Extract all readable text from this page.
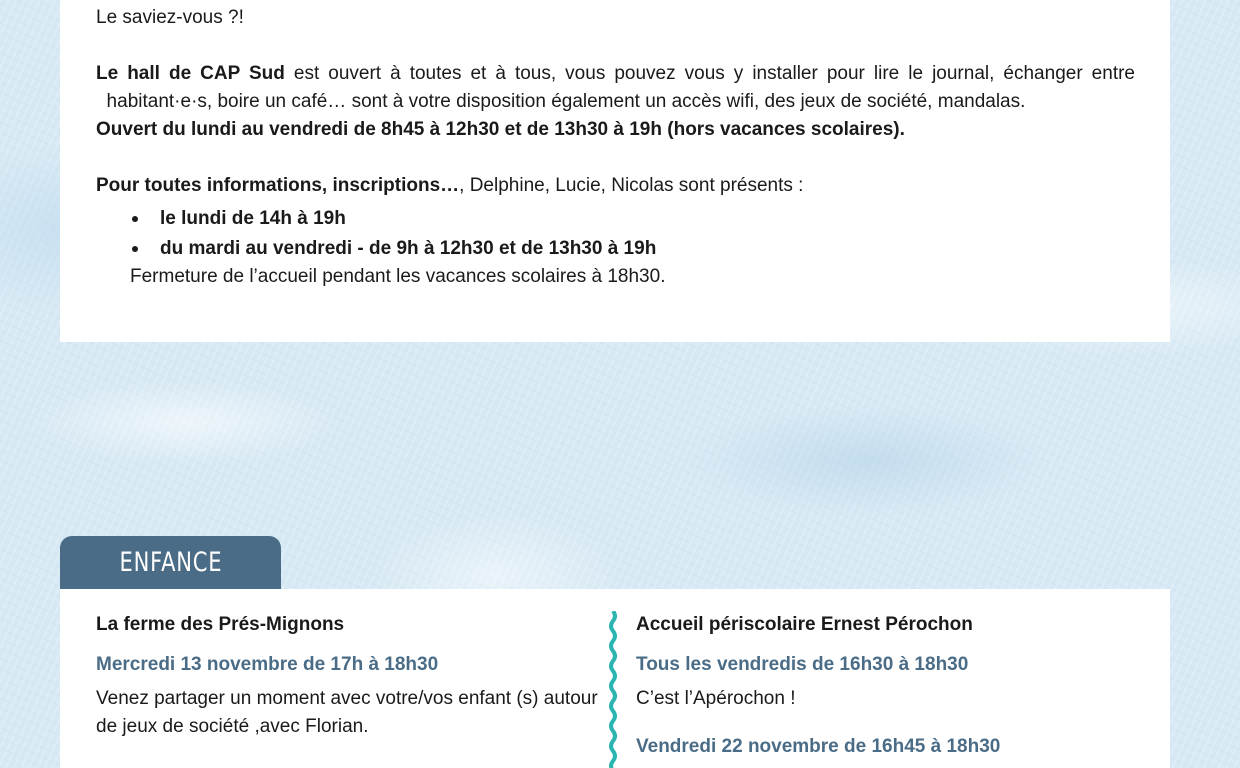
Le saviez-vous ?!

Le hall de CAP Sud est ouvert à toutes et à tous, vous pouvez vous y installer pour lire le journal, échanger entre   habitant·e·s, boire un café… sont à votre disposition également un accès wifi, des jeux de société, mandalas.

Ouvert du lundi au vendredi de 8h45 à 12h30 et de 13h30 à 19h (hors vacances scolaires).

Pour toutes informations, inscriptions…, Delphine, Lucie, Nicolas sont présents :

le lundi de 14h à 19h
du mardi au vendredi - de 9h à 12h30 et de 13h30 à 19h

Fermeture de l’accueil pendant les vacances scolaires à 18h30.

ENFANCE
La ferme des Prés-Mignons
Mercredi 13 novembre de 17h à 18h30
Venez partager un moment avec votre/vos enfant (s) autour de jeux de société ,avec Florian.
Accueil périscolaire Ernest Pérochon
Tous les vendredis de 16h30 à 18h30
C’est l’Apérochon !
Vendredi 22 novembre de 16h45 à 18h30
